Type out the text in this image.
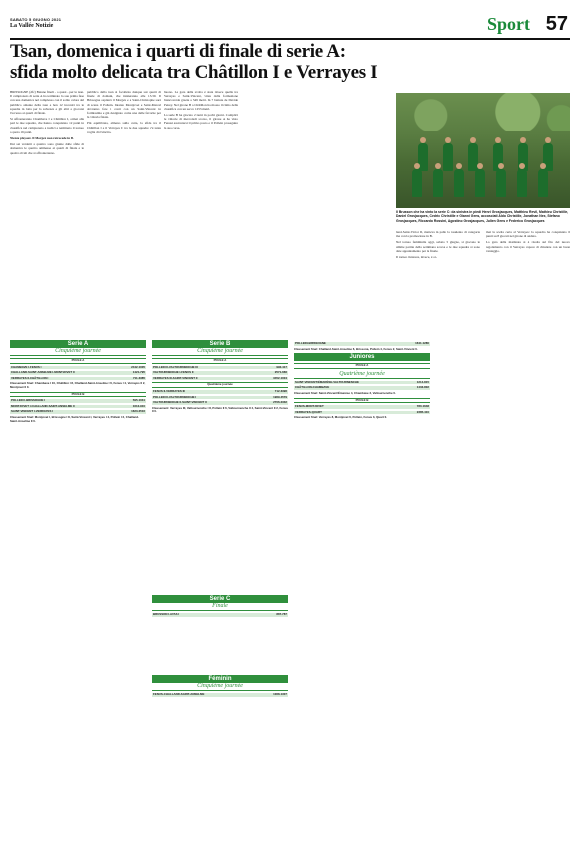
SABATO 5 GIUGNO 2021
La Vallée Notizie	Sport 57
Tsan, domenica i quarti di finale di serie A:
sfida molto delicata tra Châtillon I e Verrayes I

BRISSOGNE (dfc) Batune finali - o quasi - per le tsan. Il campionato di serie A ha terminato la sua prima fase con una domenica nel complesso con il solito calore del pubblico amante della tsan e ben 12 incontri tra le squadre in lotta per la salvezza e gli altri a giocarsi l'accesso ai quarti di finale.

Si affronteranno Chambave I e Châtillon I, ormai alla pari le due squadre, che hanno conquistato 12 punti in classifica nel campionato a tredici e terminato il torneo a quota 16 punti.

Niente playout. Il Morgex non retrocede in B.

Dai sei verdetti a quattro sono giunte dalle sfide di domenica le quattro ammesse ai quarti di finale e le quattro rivali che si affronteranno.

pubblico della tsan si focalizza dunque sui quarti di finale di domani, che inizieranno alle 13.30. Il Brissogne ospiterà il Morgex e a Saint-Christophe sarà di scena il Pollein. Intanto Montjovet e Saint-Marcel dovranno fare i conti con un Saint-Vincent in formissima e già designato come una delle favorite per la vittoria finale.

Più equilibrata, almeno sulla carta, la sfida tra il Châtillon I e il Verrayes I: tra le due squadre c'è tanta voglia di rivincita.

buono. La gara della svolta è stata invece quella tra Verrayes e Saint-Vincent, vinta dalla formazione biancoverde grazie a 549 metri. In 7 battute de Davide Petrey. Nel girone B a Châtillon ha mosso il ritmo della classifica con un secco 1253 metri.

La serie B ha giocato 2 turni in pochi giorni. Complici le vittorie di mercoledì scorso, il girone A ha visto Fenusi assicurarsi il primo posto e il Pollein proseguire la sua corsa.

land-Saint-Victor II, metteva in pallo la tosulento di categoria ma con la promozione in B.

Nel torneo femminile oggi, sabato 5 giugno, si giocano le ultime partite della settimana scorsa e le due squadre si sono date appuntamento per la finale.

Il torneo Juniores, invece, è or-

mai la scelta certa al Verrayes: la squadra ha conquistato 6 punti su 8 giocati nel girone di andata.

La gara della mattinata si è risolta sul filo del nuovo regolamento con il Verrayes capace di chiudere con un buon vantaggio.

Il Brusson che ha vinto la serie C: da sinistra in piedi Henri Grosjacques, Matthieu Revil, Mathieu Christille, Daniel Grosjacques, Cedric Christille e Gianni Gens, accosciati Aldo Christille, Jonathan Nex, Stefano Grosjacques, Riccardo Rossini, Agostino Grosjacques, Julien Gens e Federico Grosjacques
Serie A
Cinquième journée
POULE A
CHAMBAVE I-FENUS I	2442-1005
CHALLAND-SAINT-ANSELME I-MONTJOVET II	1421-795
VERRAYES II-CHÂTILLON I	711-3385
Classement final: Chambave I 10, Châtillon I 8, Challand-Saint-Anselme I 6, Fenus I 4, Verrayes II 2, Montjovet II 0.
POULE B
POLLEIN I-BRISSOGNE I	595-1031
MONTJOVET I-CHALLAND-SAINT-ANSELME II	1612-910
SAINT-VINCENT I-VERRAYES I	1623-2516
Classement final: Montjovet I, Brissogne I 8, Saint-Vincent I, Verrayes I 4, Pollein I 2, Challand-Saint-Anselme II 0.
Serie B
Cinquième journée
POULE A
POLLEIN II-VALTOURNENCHE III	992-417
VALTOURNENCHE I-FENUS II	2571-666
VERRAYES III-SAINT-VINCENT II	3452-1004
Quatrième journée
FENUS II-VERRAYES III	712-3396
POLLEIN II-VALTOURNENCHE I	1969-4579
VALTOURNENCHE II-SAINT-VINCENT II	2706-2332
Classement: Verrayes III, Valtournenche I 8, Pollein II 6, Valtournenche II 4, Saint-Vincent II 2, Fenus II 0.
Serie C
Finale
BRUSSON I-AYAS I	887-787
Féminin
Cinquième journée
FENUS-CHALLAND-SAINT-ANSELME	1068-1307
POLLEIN-BRISSOGNE	1641-1280
Classement final: Challand-Saint-Anselme 6, Brissona, Pollein 4, Fenus 2, Saint-Vincent 0.
Juniores
POULE A
Quatrième journée
SAINT-VINCENT/ÉMARÈSE-VALTOURNENCHE	1214-815
CHÂTILLON-CHAMBAVE	1433-802
Classement final: Saint-Vincent/Émarèse 4, Chambave 2, Valtournenche 0.
POULE B
FENUS-MONTJOVET	780-1648
VERRAYES-QUART	2385-410
Classement final: Verrayes 8, Montjovet 6, Pollein, Fenus 3, Quart 0.
